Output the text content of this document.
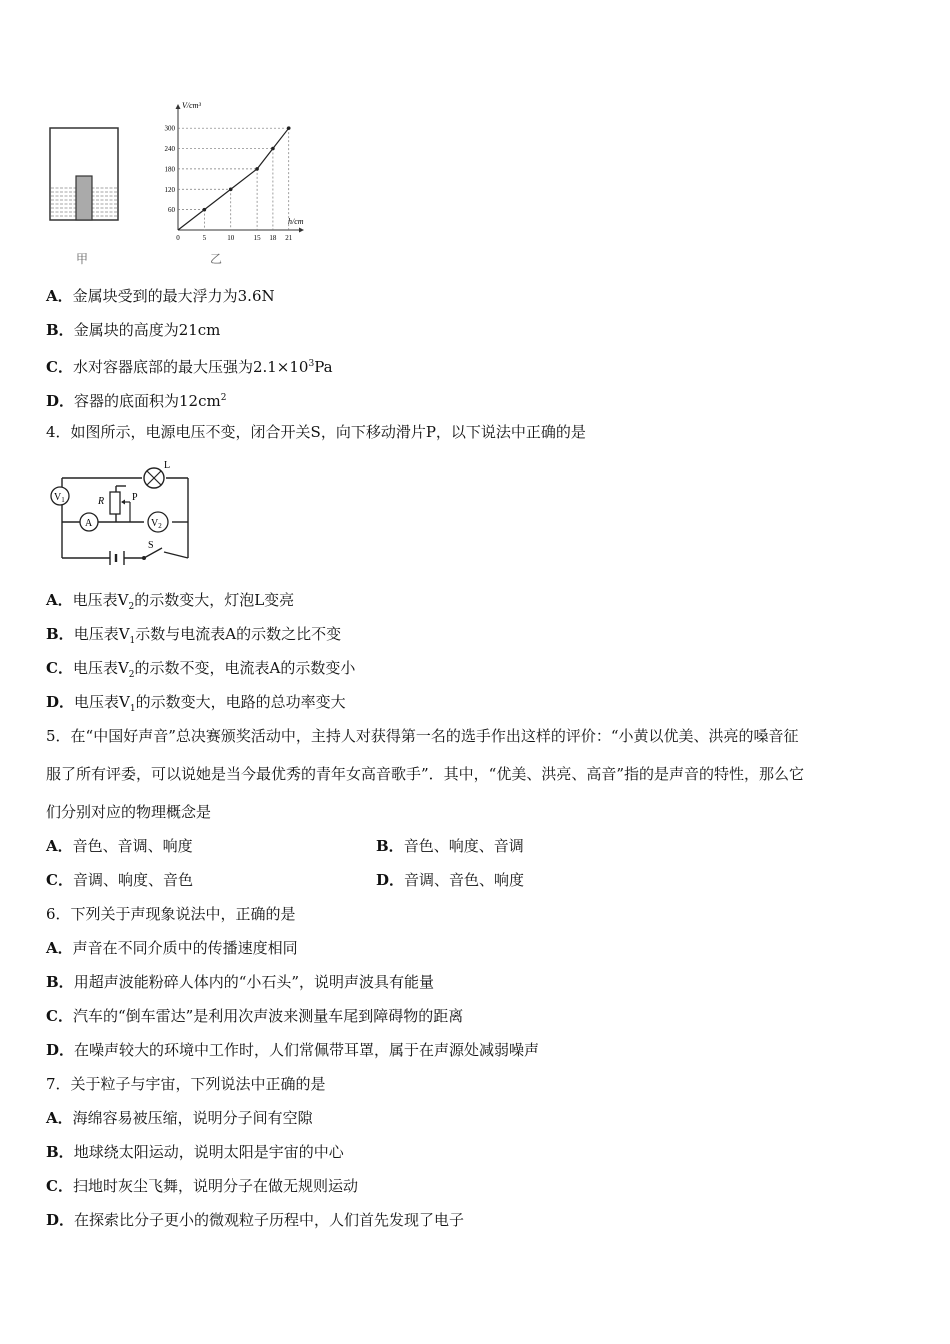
甲
V/cm³
h/cm
60
120
180
240
300
0	5	10	15 18 21
乙
A．金属块受到的最大浮力为3.6N
B．金属块的高度为21cm
C．水对容器底部的最大压强为$2.1\times 10^3Pa$
D．容器的底面积为$12cm^2$
4．如图所示，电源电压不变，闭合开关S，向下移动滑片P，以下说法中正确的是
L
R	P
$V_1$
A	$V_2$
S
A．电压表$V_2$的示数变大，灯泡L变亮
B．电压表$V_1$示数与电流表A的示数之比不变
C．电压表$V_2$的示数不变，电流表A的示数变小
D．电压表$V_1$的示数变大，电路的总功率变大
5．在“中国好声音”总决赛颁奖活动中，主持人对获得第一名的选手作出这样的评价：“小黄以优美、洪亮的嗓音征
服了所有评委，可以说她是当今最优秀的青年女高音歌手”．其中，“优美、洪亮、高音”指的是声音的特性，那么它
们分别对应的物理概念是
A．音色、音调、响度	B．音色、响度、音调
C．音调、响度、音色	D．音调、音色、响度
6．下列关于声现象说法中，正确的是
A．声音在不同介质中的传播速度相同
B．用超声波能粉碎人体内的“小石头”，说明声波具有能量
C．汽车的“倒车雷达”是利用次声波来测量车尾到障碍物的距离
D．在噪声较大的环境中工作时，人们常佩带耳罩，属于在声源处减弱噪声
7．关于粒子与宇宙，下列说法中正确的是
A．海绵容易被压缩，说明分子间有空隙
B．地球绕太阳运动，说明太阳是宇宙的中心
C．扫地时灰尘飞舞，说明分子在做无规则运动
D．在探索比分子更小的微观粒子历程中，人们首先发现了电子
